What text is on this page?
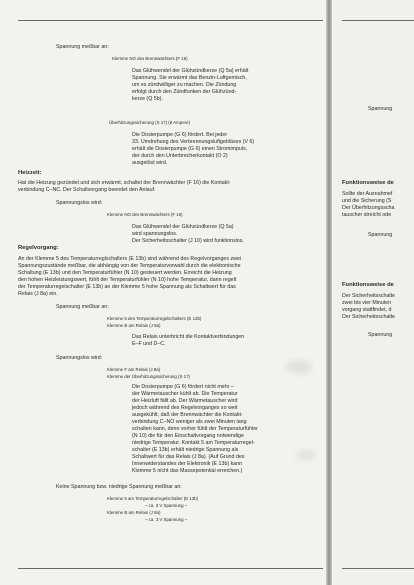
Spannung meßbar an:
Klemme NO des Brennwächters (F 16)
Das Glühwendel der Glühzündkerze (Q 5a) erhält
Spannung. Sie erwärmt das Benzin-Luftgemisch,
um es zündwilliger zu machen. Die Zündung
erfolgt durch den Zündfunken der Glühzünd-
kerze (Q 5b).
Überhitzungssicherung (S 17) (8 Ampere)
Die Dosierpumpe (G 6) fördert. Bei jeder
33. Umdrehung des Verbrennungsluftgebläses (V 6)
erhält die Dosierpumpe (G 6) einen Stromimpuls,
der durch den Unterbrecherkontakt (O 2)
ausgelöst wird.
Heizzeit:
Hat die Heizung gezündet und sich erwärmt, schaltet der Brennwächter (F 16) die Kontakt-
verbindung C–NC. Der Schaltvorgang beendet den Anlauf.
Spannungslos wird:
Klemme NO des Brennwächters (F 16)
Das Glühwendel der Glühzündkerze (Q 5a)
wird spannungslos.
Der Sicherheitsschalter (J 10) wird funktionslos.
Regelvorgang:
An der Klemme 5 des Temperaturreglschalters (E 13b) sind während des Regelvorganges zwei
Spannungszustände meßbar, die abhängig von der Temperaturvorwahl durch die elektronische
Schaltung (E 13b) und den Temperaturfühler (N 10) gesteuert werden. Erreicht die Heizung
den hohen Heizleistungswert, fühlt der Temperaturfühler (N 10) hohe Temperatur, dann regelt
der Temperaturregelschalter (E 13b) an der Klemme 5 hohe Spannung als Schaltwert für das
Relais (J 8a) ein.
Spannung meßbar an:
Klemme 5 des Temperaturregelschalters (E 13b)
Klemme B am Relais (J 8a)
Das Relais unterbricht die Kontaktverbindungen
E–F und D–C.
Spannungslos wird:
Klemme F am Relais (J 8a)
Klemme der Überhitzungssicherung (S 17)
Die Dosierpumpe (G 6) fördert nicht mehr –
der Wärmetauscher kühlt ab. Die Temperatur
der Heizluft fällt ab. Der Wärmetauscher wird
jedoch während des Regelvorganges so weit
ausgekühlt, daß der Brennwächter die Kontakt-
verbindung C–NO weniger als zwei Minuten lang
schalten kann, denn vorher fühlt der Temperaturfühler
(N 10) die für den Einschaltvorgang notwendige
niedrige Temperatur. Kontakt 5 am Temperaturregel-
schalter (E 13b) erhält niedrige Spannung als
Schaltwert für das Relais (J 8a). (Auf Grund des
Innenwiderstandes der Elektronik (E 13b) kann
Klemme 5 nicht das Massepotential erreichen.)
Keine Spannung bzw. niedrige Spannung meßbar an:
Klemme 5 am Temperaturregelschalter (E 13b)
– ca. 3 V Spannung –
Klemme B am Relais (J 8a)
– ca. 3 V Spannung –
Spannung
Funktionsweise de
Sollte der Ausnahmef
und die Sicherung (S
Der Überhitzungsscha
tauscher streicht ode
Spannung
Funktionsweise de
Der Sicherheitsschalte
zwei bis vier Minuten
vorgang stattfindet, d
Der Sicherheitsschalte
Spannung
